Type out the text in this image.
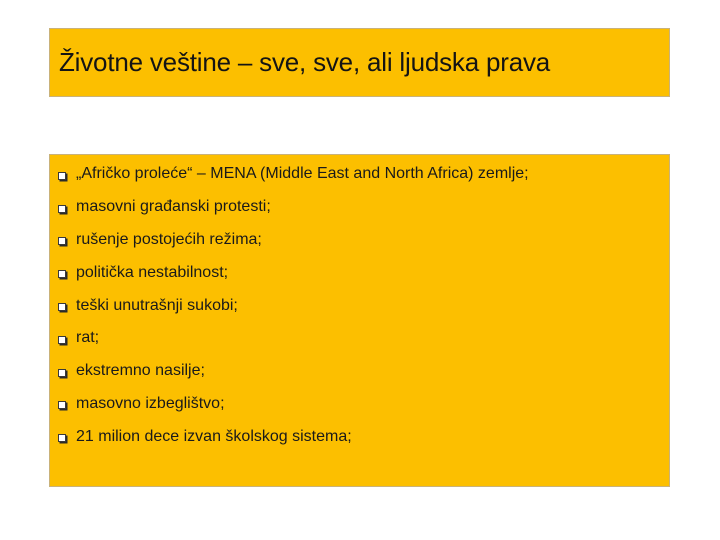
Životne veštine – sve, sve, ali ljudska prava
„Afričko proleće“ – MENA (Middle East and North Africa) zemlje;
masovni građanski protesti;
rušenje postojećih režima;
politička nestabilnost;
teški unutrašnji sukobi;
rat;
ekstremno nasilje;
masovno izbeglištvo;
21 milion dece izvan školskog sistema;
